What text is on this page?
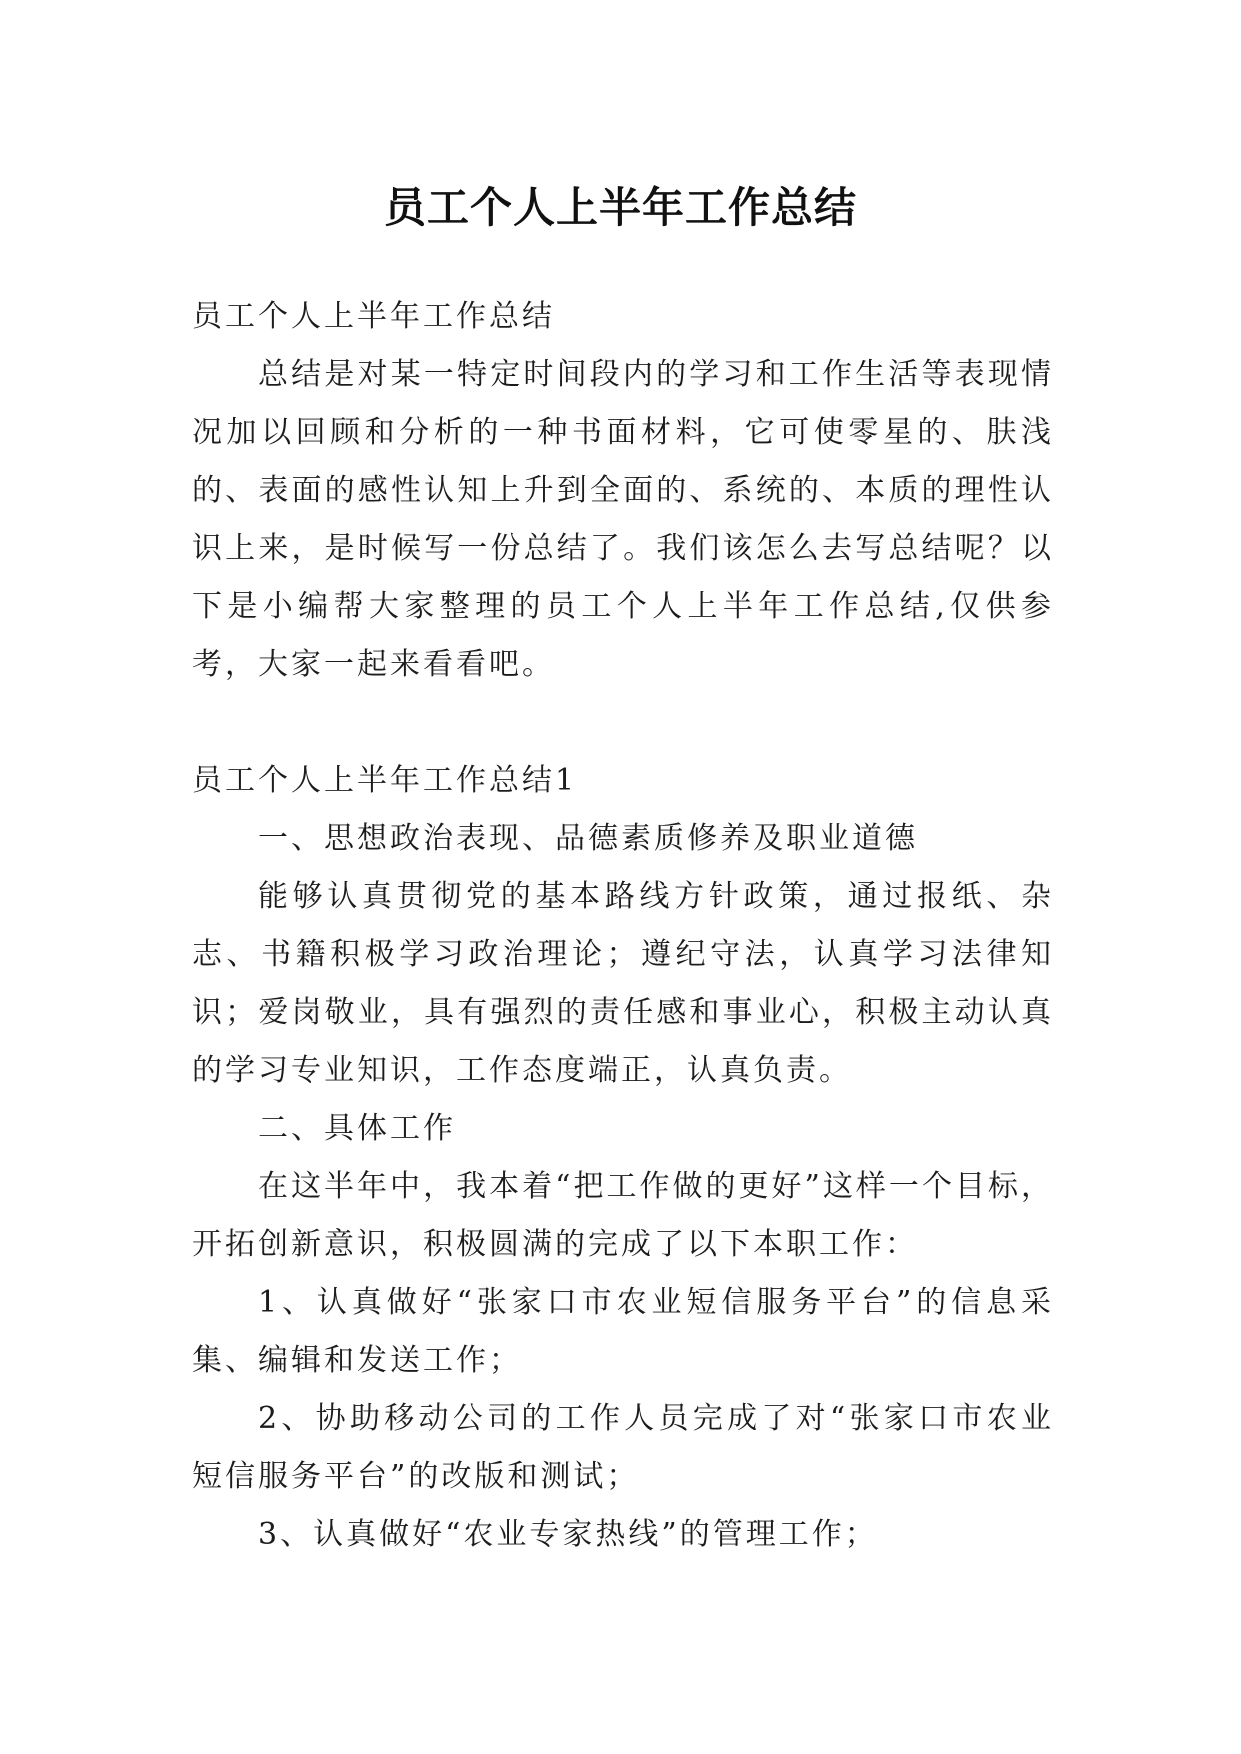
员工个人上半年工作总结

员工个人上半年工作总结

总结是对某一特定时间段内的学习和工作生活等表现情况加以回顾和分析的一种书面材料，它可使零星的、肤浅的、表面的感性认知上升到全面的、系统的、本质的理性认识上来，是时候写一份总结了。我们该怎么去写总结呢？以下是小编帮大家整理的员工个人上半年工作总结,仅供参考，大家一起来看看吧。

员工个人上半年工作总结1

一、思想政治表现、品德素质修养及职业道德

能够认真贯彻党的基本路线方针政策，通过报纸、杂志、书籍积极学习政治理论；遵纪守法，认真学习法律知识；爱岗敬业，具有强烈的责任感和事业心，积极主动认真的学习专业知识，工作态度端正，认真负责。

二、具体工作

在这半年中，我本着“把工作做的更好”这样一个目标，开拓创新意识，积极圆满的完成了以下本职工作：

1、认真做好“张家口市农业短信服务平台”的信息采集、编辑和发送工作；

2、协助移动公司的工作人员完成了对“张家口市农业短信服务平台”的改版和测试；

3、认真做好“农业专家热线”的管理工作；
